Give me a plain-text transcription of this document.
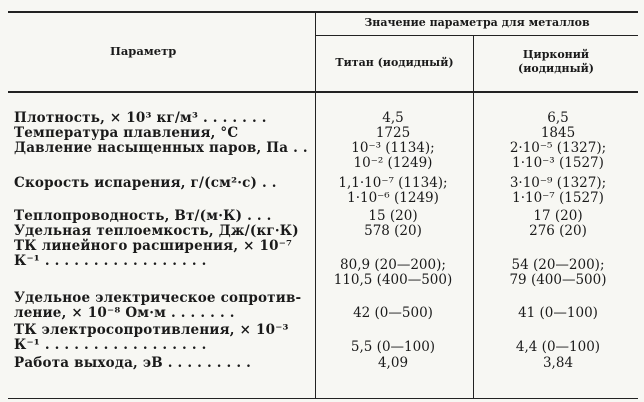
Параметр
Значение параметра для металлов
Титан (иодидный)
Цирконий
(иодидный)
Плотность, × 10³ кг/м³ . . . . . . .	4,5	6,5
Температура плавления, °С	1725	1845
Давление насыщенных паров, Па . .	10⁻³ (1134);	2·10⁻⁵ (1327);
10⁻² (1249)	1·10⁻³ (1527)
Скорость испарения, г/(см²·с) . .	1,1·10⁻⁷ (1134);	3·10⁻⁹ (1327);
1·10⁻⁶ (1249)	1·10⁻⁷ (1527)
Теплопроводность, Вт/(м·К) . . .	15 (20)	17 (20)
Удельная теплоемкость, Дж/(кг·К)	578 (20)	276 (20)
ТК линейного расширения, × 10⁻⁷
К⁻¹ . . . . . . . . . . . . . . . . .	80,9 (20—200);	54 (20—200);
110,5 (400—500)	79 (400—500)
Удельное электрическое сопротив-
ление, × 10⁻⁸ Ом·м . . . . . . .	42 (0—500)	41 (0—100)
ТК электросопротивления, × 10⁻³
К⁻¹ . . . . . . . . . . . . . . . . .	5,5 (0—100)	4,4 (0—100)
Работа выхода, эВ . . . . . . . . .	4,09	3,84
